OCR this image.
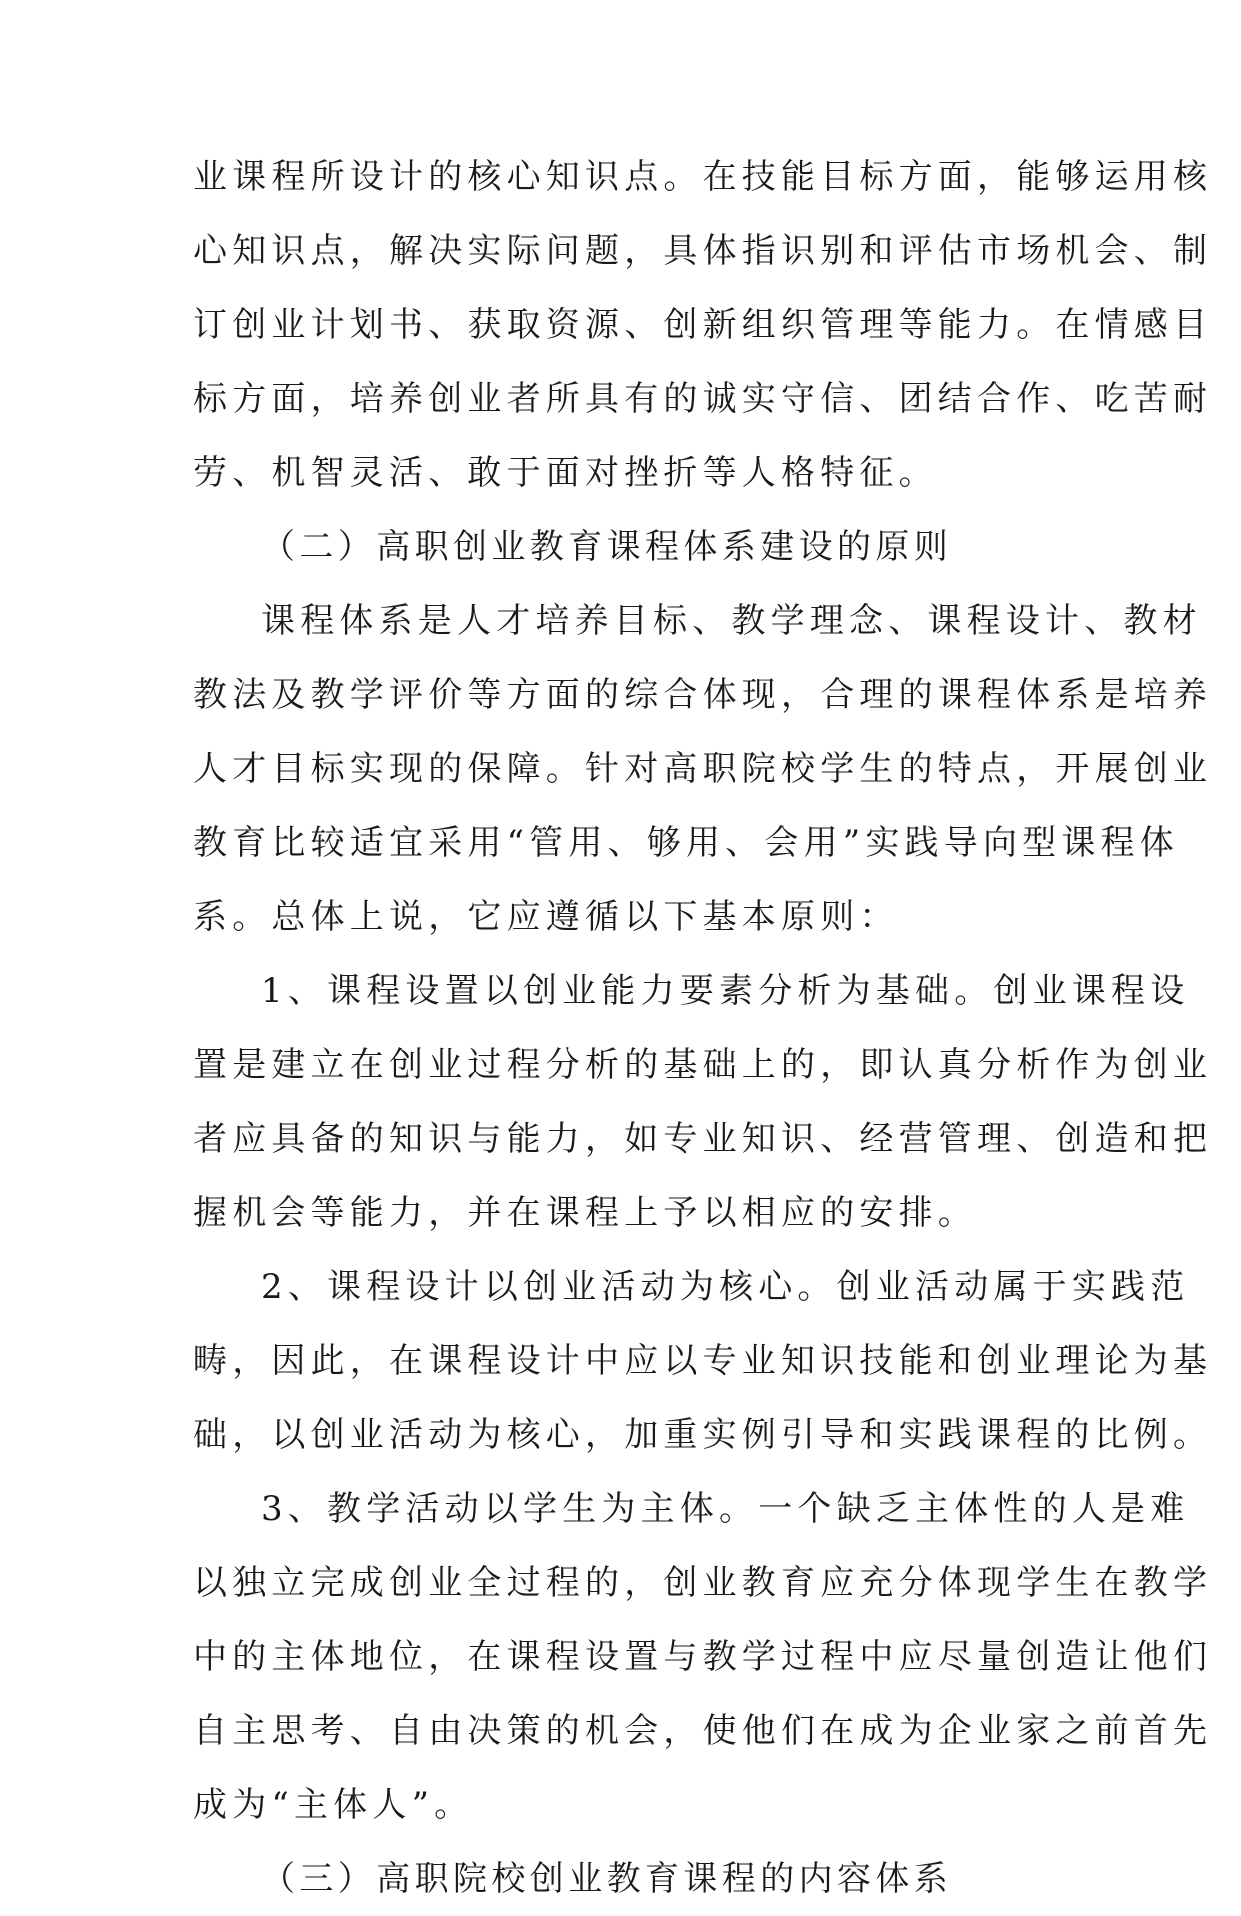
业课程所设计的核心知识点。在技能目标方面，能够运用核
心知识点，解决实际问题，具体指识别和评估市场机会、制
订创业计划书、获取资源、创新组织管理等能力。在情感目
标方面，培养创业者所具有的诚实守信、团结合作、吃苦耐
劳、机智灵活、敢于面对挫折等人格特征。
（二）高职创业教育课程体系建设的原则
课程体系是人才培养目标、教学理念、课程设计、教材
教法及教学评价等方面的综合体现，合理的课程体系是培养
人才目标实现的保障。针对高职院校学生的特点，开展创业
教育比较适宜采用“管用、够用、会用”实践导向型课程体
系。总体上说，它应遵循以下基本原则：
1、课程设置以创业能力要素分析为基础。创业课程设
置是建立在创业过程分析的基础上的，即认真分析作为创业
者应具备的知识与能力，如专业知识、经营管理、创造和把
握机会等能力，并在课程上予以相应的安排。
2、课程设计以创业活动为核心。创业活动属于实践范
畴，因此，在课程设计中应以专业知识技能和创业理论为基
础，以创业活动为核心，加重实例引导和实践课程的比例。
3、教学活动以学生为主体。一个缺乏主体性的人是难
以独立完成创业全过程的，创业教育应充分体现学生在教学
中的主体地位，在课程设置与教学过程中应尽量创造让他们
自主思考、自由决策的机会，使他们在成为企业家之前首先
成为“主体人”。
（三）高职院校创业教育课程的内容体系
